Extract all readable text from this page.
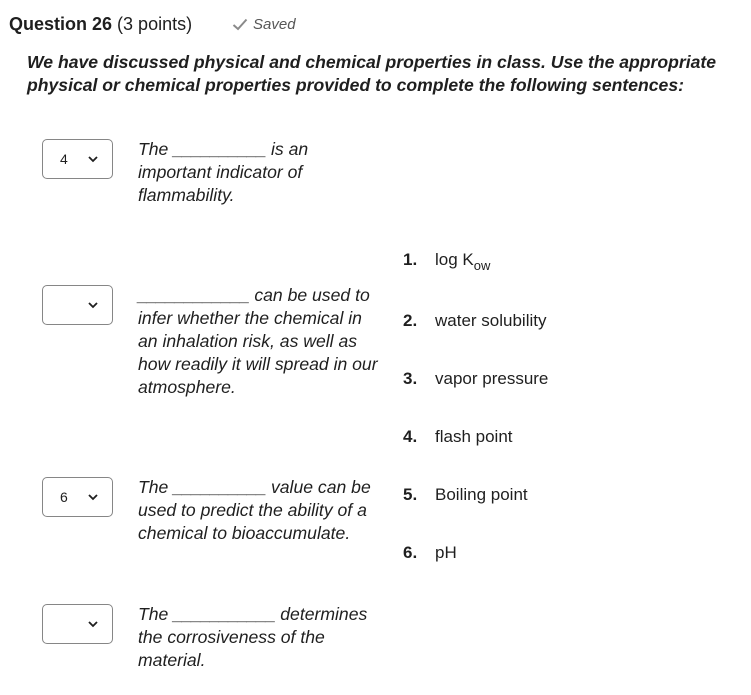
Question 26 (3 points)	Saved
We have discussed physical and chemical properties in class. Use the appropriate physical or chemical properties provided to complete the following sentences:
4	The __________ is an important indicator of flammability.
____________ can be used to infer whether the chemical in an inhalation risk, as well as how readily it will spread in our atmosphere.
6	The __________ value can be used to predict the ability of a chemical to bioaccumulate.
The ___________ determines the corrosiveness of the material.
1. $\log K_{ow}$
2. water solubility
3. vapor pressure
4. flash point
5. Boiling point
6. pH
